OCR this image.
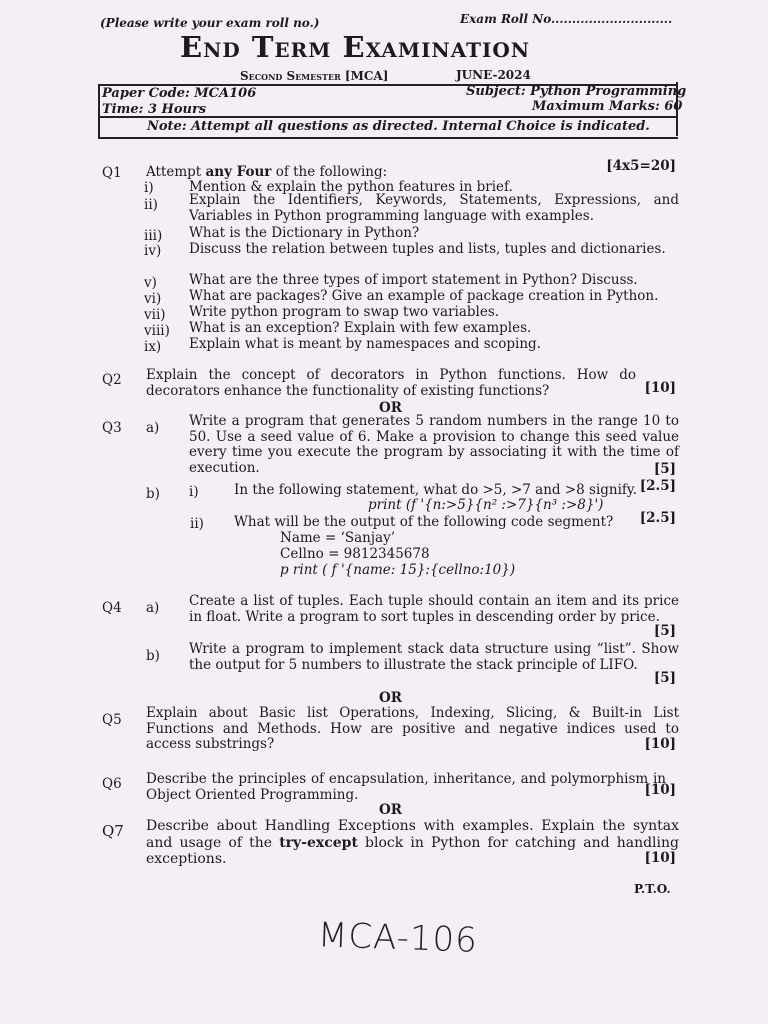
(Please write your exam roll no.)	Exam Roll No.............................
End Term Examination
Second Semester [MCA]	JUNE-2024
Paper Code: MCA106	Subject: Python Programming
Time: 3 Hours	Maximum Marks: 60
Note: Attempt all questions as directed. Internal Choice is indicated.
Q1 Attempt any Four of the following:	[4x5=20]
i)	Mention & explain the python features in brief.
ii) Explain the Identifiers, Keywords, Statements, Expressions, and Variables in Python programming language with examples.
iii) What is the Dictionary in Python?
iv) Discuss the relation between tuples and lists, tuples and dictionaries.
v) What are the three types of import statement in Python? Discuss.
vi) What are packages? Give an example of package creation in Python.
vii) Write python program to swap two variables.
viii) What is an exception? Explain with few examples.
ix) Explain what is meant by namespaces and scoping.
Q2 Explain the concept of decorators in Python functions. How do decorators enhance the functionality of existing functions?	[10]
OR
Q3 a) Write a program that generates 5 random numbers in the range 10 to 50. Use a seed value of 6. Make a provision to change this seed value every time you execute the program by associating it with the time of execution.	[5]
b) i)	In the following statement, what do >5, >7 and >8 signify. [2.5]
print (f '{n:>5}{n² :>7}{n³ :>8}')
ii) What will be the output of the following code segment? [2.5]
Name = ‘Sanjay’
Cellno = 9812345678
p rint ( f '{name: 15}:{cellno:10})
Q4 a) Create a list of tuples. Each tuple should contain an item and its price in float. Write a program to sort tuples in descending order by price.
[5]
b) Write a program to implement stack data structure using “list”. Show the output for 5 numbers to illustrate the stack principle of LIFO.
[5]
OR
Q5 Explain about Basic list Operations, Indexing, Slicing, & Built-in List Functions and Methods. How are positive and negative indices used to access substrings?	[10]
Q6 Describe the principles of encapsulation, inheritance, and polymorphism in Object Oriented Programming.	[10]
OR
Q7 Describe about Handling Exceptions with examples. Explain the syntax and usage of the try-except block in Python for catching and handling exceptions.	[10]
P.T.O.
MCA-106
